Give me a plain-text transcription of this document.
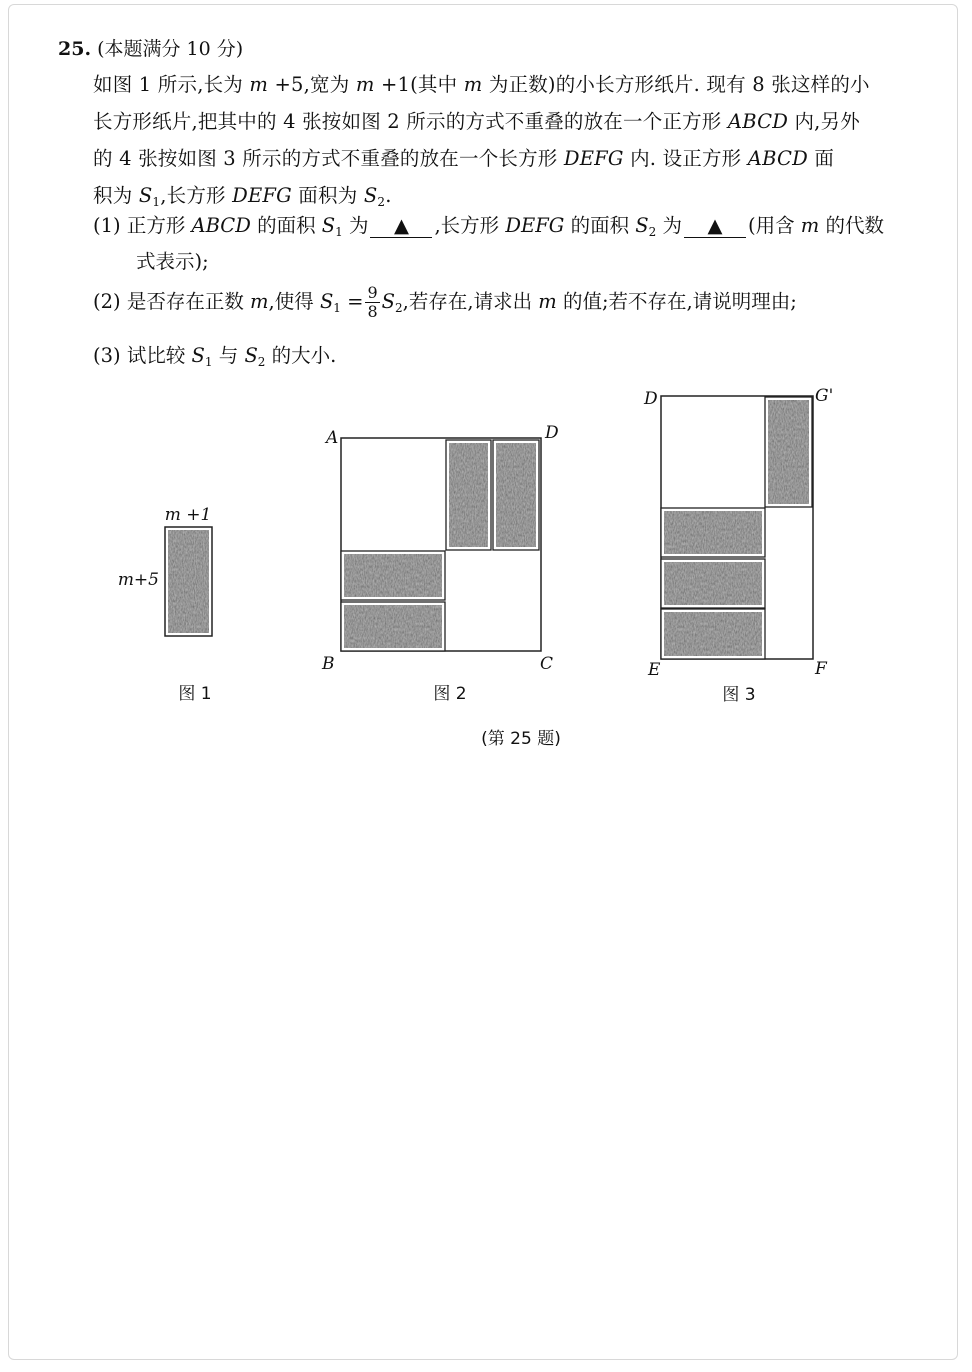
25. (本题满分 10 分)

如图 1 所示,长为 m +5,宽为 m +1(其中 m 为正数)的小长方形纸片. 现有 8 张这样的小

长方形纸片,把其中的 4 张按如图 2 所示的方式不重叠的放在一个正方形 ABCD 内,另外

的 4 张按如图 3 所示的方式不重叠的放在一个长方形 DEFG 内. 设正方形 ABCD 面

积为 $S_1$,长方形 DEFG 面积为 $S_2$.

(1) 正方形 ABCD 的面积 $S_1$ 为 ▲ ,长方形 DEFG 的面积 $S_2$ 为 ▲ (用含 m 的代数
式表示);
(2) 是否存在正数 m,使得 $S_1 = \frac{9}{8} S_2$,若存在,请求出 m 的值;若不存在,请说明理由;
(3) 试比较 $S_1$ 与 $S_2$ 的大小.
m +1
m+5
图 1
A	D
B	C
图 2
D	G'
E	F
图 3
(第 25 题)
